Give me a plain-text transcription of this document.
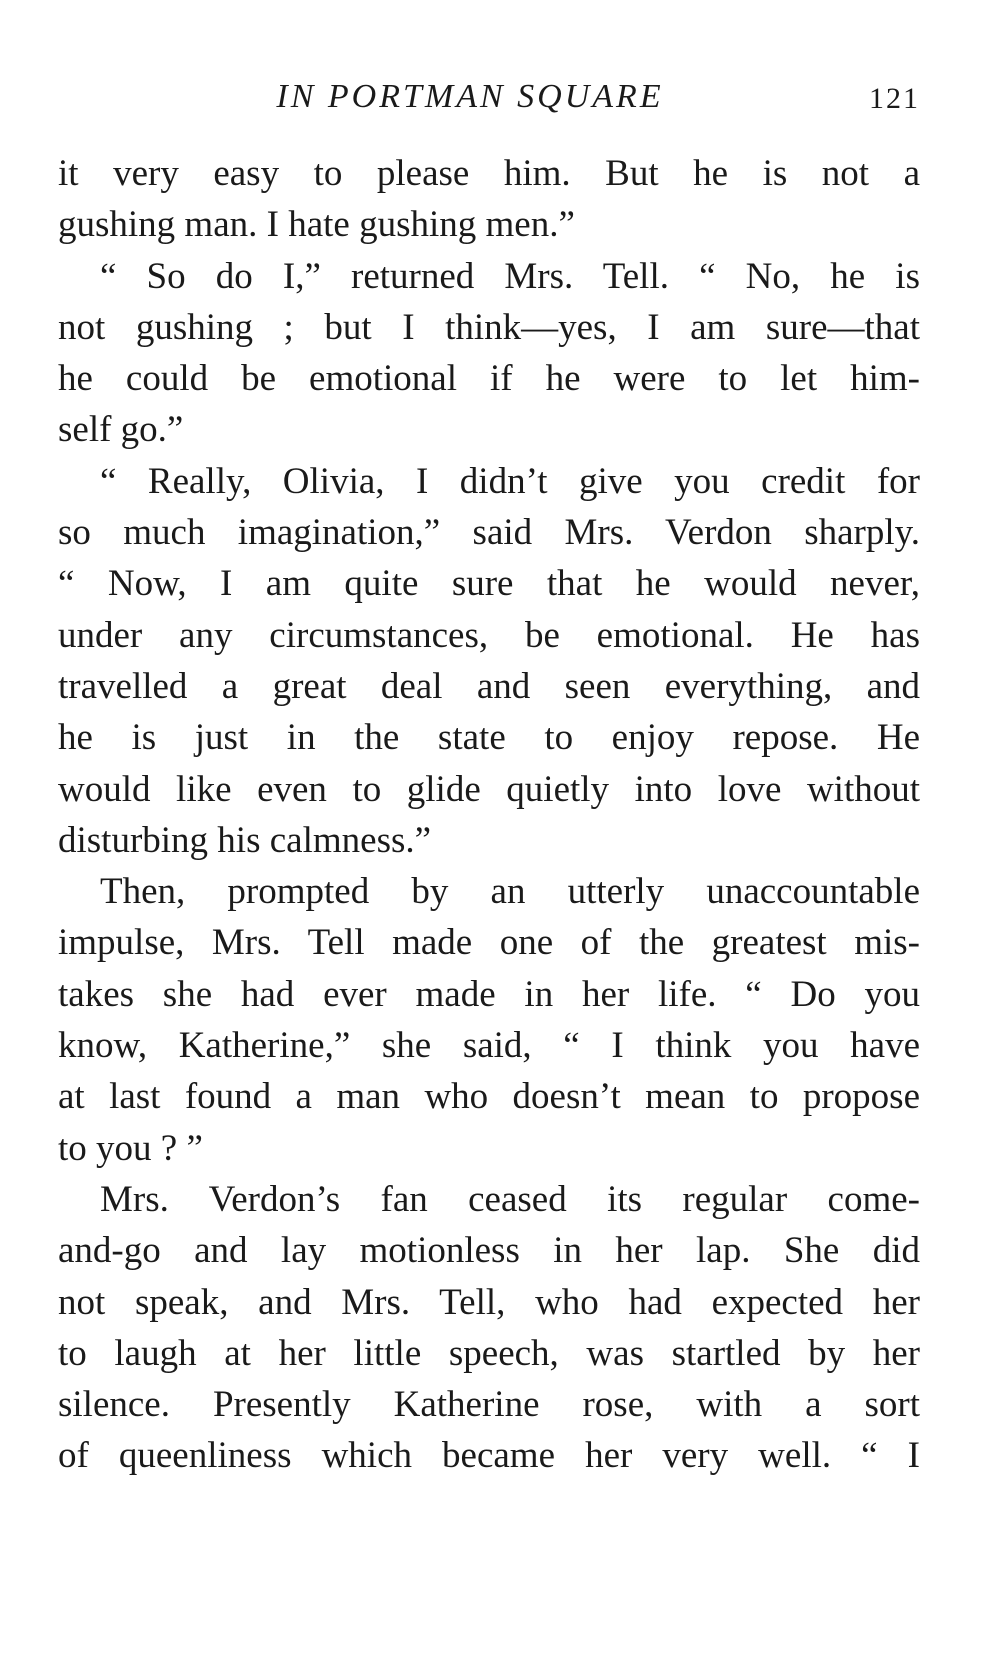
IN PORTMAN SQUARE	121
it very easy to please him. But he is not a
gushing man. I hate gushing men.”
“ So do I,” returned Mrs. Tell. “ No, he is
not gushing ; but I think—yes, I am sure—that
he could be emotional if he were to let him-
self go.”
“ Really, Olivia, I didn’t give you credit for
so much imagination,” said Mrs. Verdon sharply.
“ Now, I am quite sure that he would never,
under any circumstances, be emotional. He has
travelled a great deal and seen everything, and
he is just in the state to enjoy repose. He
would like even to glide quietly into love without
disturbing his calmness.”
Then, prompted by an utterly unaccountable
impulse, Mrs. Tell made one of the greatest mis-
takes she had ever made in her life. “ Do you
know, Katherine,” she said, “ I think you have
at last found a man who doesn’t mean to propose
to you ? ”
Mrs. Verdon’s fan ceased its regular come-
and-go and lay motionless in her lap. She did
not speak, and Mrs. Tell, who had expected her
to laugh at her little speech, was startled by her
silence. Presently Katherine rose, with a sort
of queenliness which became her very well. “ I
